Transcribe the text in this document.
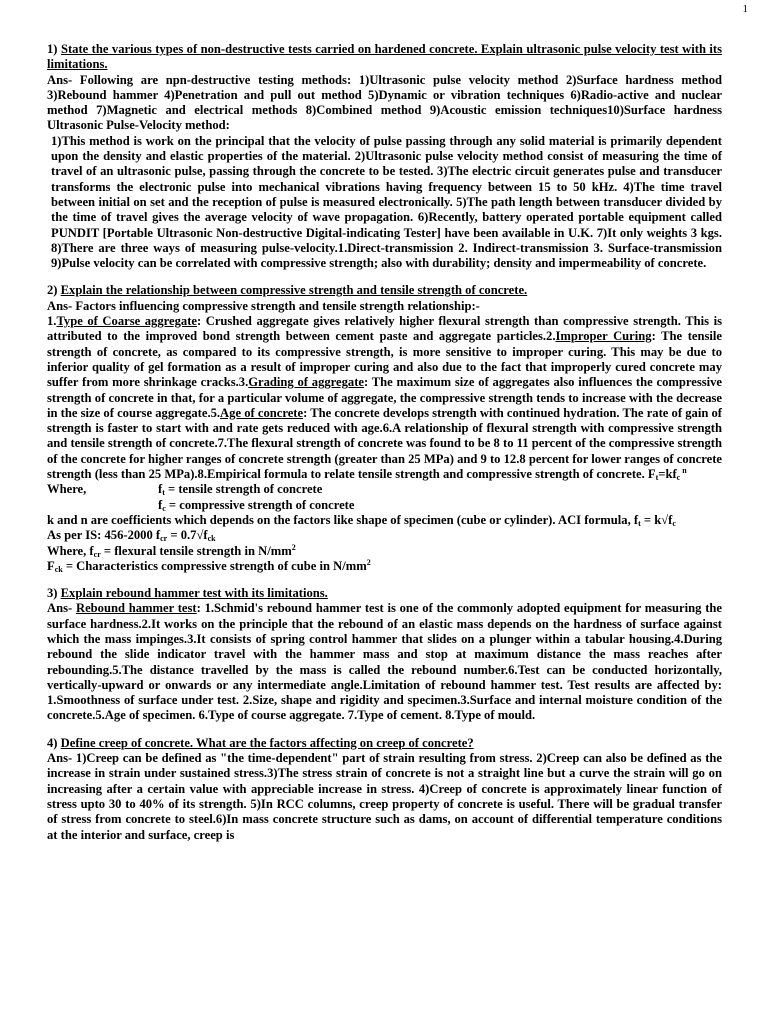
1

1) State the various types of non-destructive tests carried on hardened concrete. Explain ultrasonic pulse velocity test with its limitations.

Ans- Following are npn-destructive testing methods: 1)Ultrasonic pulse velocity method 2)Surface hardness method 3)Rebound hammer 4)Penetration and pull out method 5)Dynamic or vibration techniques 6)Radio-active and nuclear method 7)Magnetic and electrical methods 8)Combined method 9)Acoustic emission techniques10)Surface hardness Ultrasonic Pulse-Velocity method:

1)This method is work on the principal that the velocity of pulse passing through any solid material is primarily dependent upon the density and elastic properties of the material. 2)Ultrasonic pulse velocity method consist of measuring the time of travel of an ultrasonic pulse, passing through the concrete to be tested. 3)The electric circuit generates pulse and transducer transforms the electronic pulse into mechanical vibrations having frequency between 15 to 50 kHz. 4)The time travel between initial on set and the reception of pulse is measured electronically. 5)The path length between transducer divided by the time of travel gives the average velocity of wave propagation. 6)Recently, battery operated portable equipment called PUNDIT [Portable Ultrasonic Non-destructive Digital-indicating Tester] have been available in U.K. 7)It only weights 3 kgs. 8)There are three ways of measuring pulse-velocity.1.Direct-transmission 2. Indirect-transmission 3. Surface-transmission 9)Pulse velocity can be correlated with compressive strength; also with durability; density and impermeability of concrete.

2) Explain the relationship between compressive strength and tensile strength of concrete.

Ans- Factors influencing compressive strength and tensile strength relationship:-

1.Type of Coarse aggregate: Crushed aggregate gives relatively higher flexural strength than compressive strength. This is attributed to the improved bond strength between cement paste and aggregate particles.2.Improper Curing: The tensile strength of concrete, as compared to its compressive strength, is more sensitive to improper curing. This may be due to inferior quality of gel formation as a result of improper curing and also due to the fact that improperly cured concrete may suffer from more shrinkage cracks.3.Grading of aggregate: The maximum size of aggregates also influences the compressive strength of concrete in that, for a particular volume of aggregate, the compressive strength tends to increase with the decrease in the size of course aggregate.5.Age of concrete: The concrete develops strength with continued hydration. The rate of gain of strength is faster to start with and rate gets reduced with age.6.A relationship of flexural strength with compressive strength and tensile strength of concrete.7.The flexural strength of concrete was found to be 8 to 11 percent of the compressive strength of the concrete for higher ranges of concrete strength (greater than 25 MPa) and 9 to 12.8 percent for lower ranges of concrete strength (less than 25 MPa).8.Empirical formula to relate tensile strength and compressive strength of concrete. $F_t=kf_c$ $^n$

Where,	$f_t$ = tensile strength of concrete

$f_c$ = compressive strength of concrete

k and n are coefficients which depends on the factors like shape of specimen (cube or cylinder). ACI formula, $f_t = k√f_c$

As per IS: 456-2000 $f_{cr} = 0.7√f_{ck}$

Where, $f_{cr}$ = flexural tensile strength in $N/mm^2$

$F_{ck}$ = Characteristics compressive strength of cube in $N/mm^2$

3) Explain rebound hammer test with its limitations.

Ans- Rebound hammer test: 1.Schmid's rebound hammer test is one of the commonly adopted equipment for measuring the surface hardness.2.It works on the principle that the rebound of an elastic mass depends on the hardness of surface against which the mass impinges.3.It consists of spring control hammer that slides on a plunger within a tabular housing.4.During rebound the slide indicator travel with the hammer mass and stop at maximum distance the mass reaches after rebounding.5.The distance travelled by the mass is called the rebound number.6.Test can be conducted horizontally, vertically-upward or onwards or any intermediate angle.Limitation of rebound hammer test. Test results are affected by: 1.Smoothness of surface under test. 2.Size, shape and rigidity and specimen.3.Surface and internal moisture condition of the concrete.5.Age of specimen. 6.Type of course aggregate. 7.Type of cement. 8.Type of mould.

4) Define creep of concrete. What are the factors affecting on creep of concrete?

Ans- 1)Creep can be defined as "the time-dependent" part of strain resulting from stress. 2)Creep can also be defined as the increase in strain under sustained stress.3)The stress strain of concrete is not a straight line but a curve the strain will go on increasing after a certain value with appreciable increase in stress. 4)Creep of concrete is approximately linear function of stress upto 30 to 40% of its strength. 5)In RCC columns, creep property of concrete is useful. There will be gradual transfer of stress from concrete to steel.6)In mass concrete structure such as dams, on account of differential temperature conditions at the interior and surface, creep is
